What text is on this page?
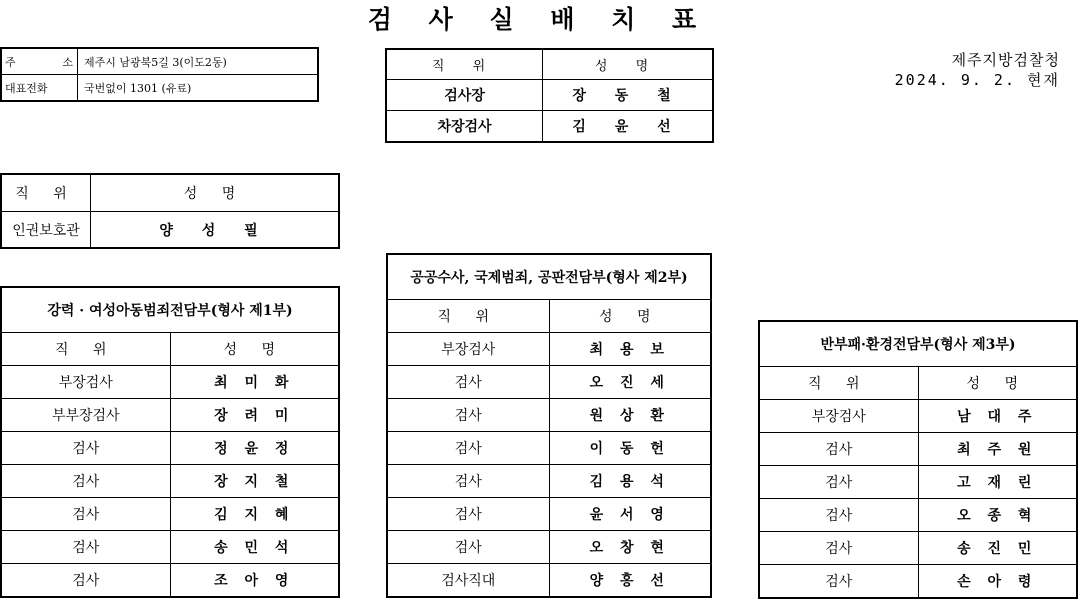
검 사 실 배 치 표
제주지방검찰청
2024. 9. 2. 현재
주 소	제주시 남광북5길 3(이도2동)
대표전화	국번없이 1301 (유료)
직 위	성 명
검사장	장 동 철
차장검사	김 윤 선
직 위	성 명
인권보호관	양 성 필
강력 · 여성아동범죄전담부(형사 제1부)	
직 위	성 명
부장검사	최 미 화
부부장검사	장 려 미
검사	정 윤 정
검사	장 지 철
검사	김 지 혜
검사	송 민 석
검사	조 아 영
공공수사, 국제범죄, 공판전담부(형사 제2부)	
직 위	성 명
부장검사	최 용 보
검사	오 진 세
검사	원 상 환
검사	이 동 헌
검사	김 용 석
검사	윤 서 영
검사	오 창 현
검사직대	양 홍 선
반부패·환경전담부(형사 제3부)	
직 위	성 명
부장검사	남 대 주
검사	최 주 원
검사	고 재 린
검사	오 종 혁
검사	송 진 민
검사	손 아 령
